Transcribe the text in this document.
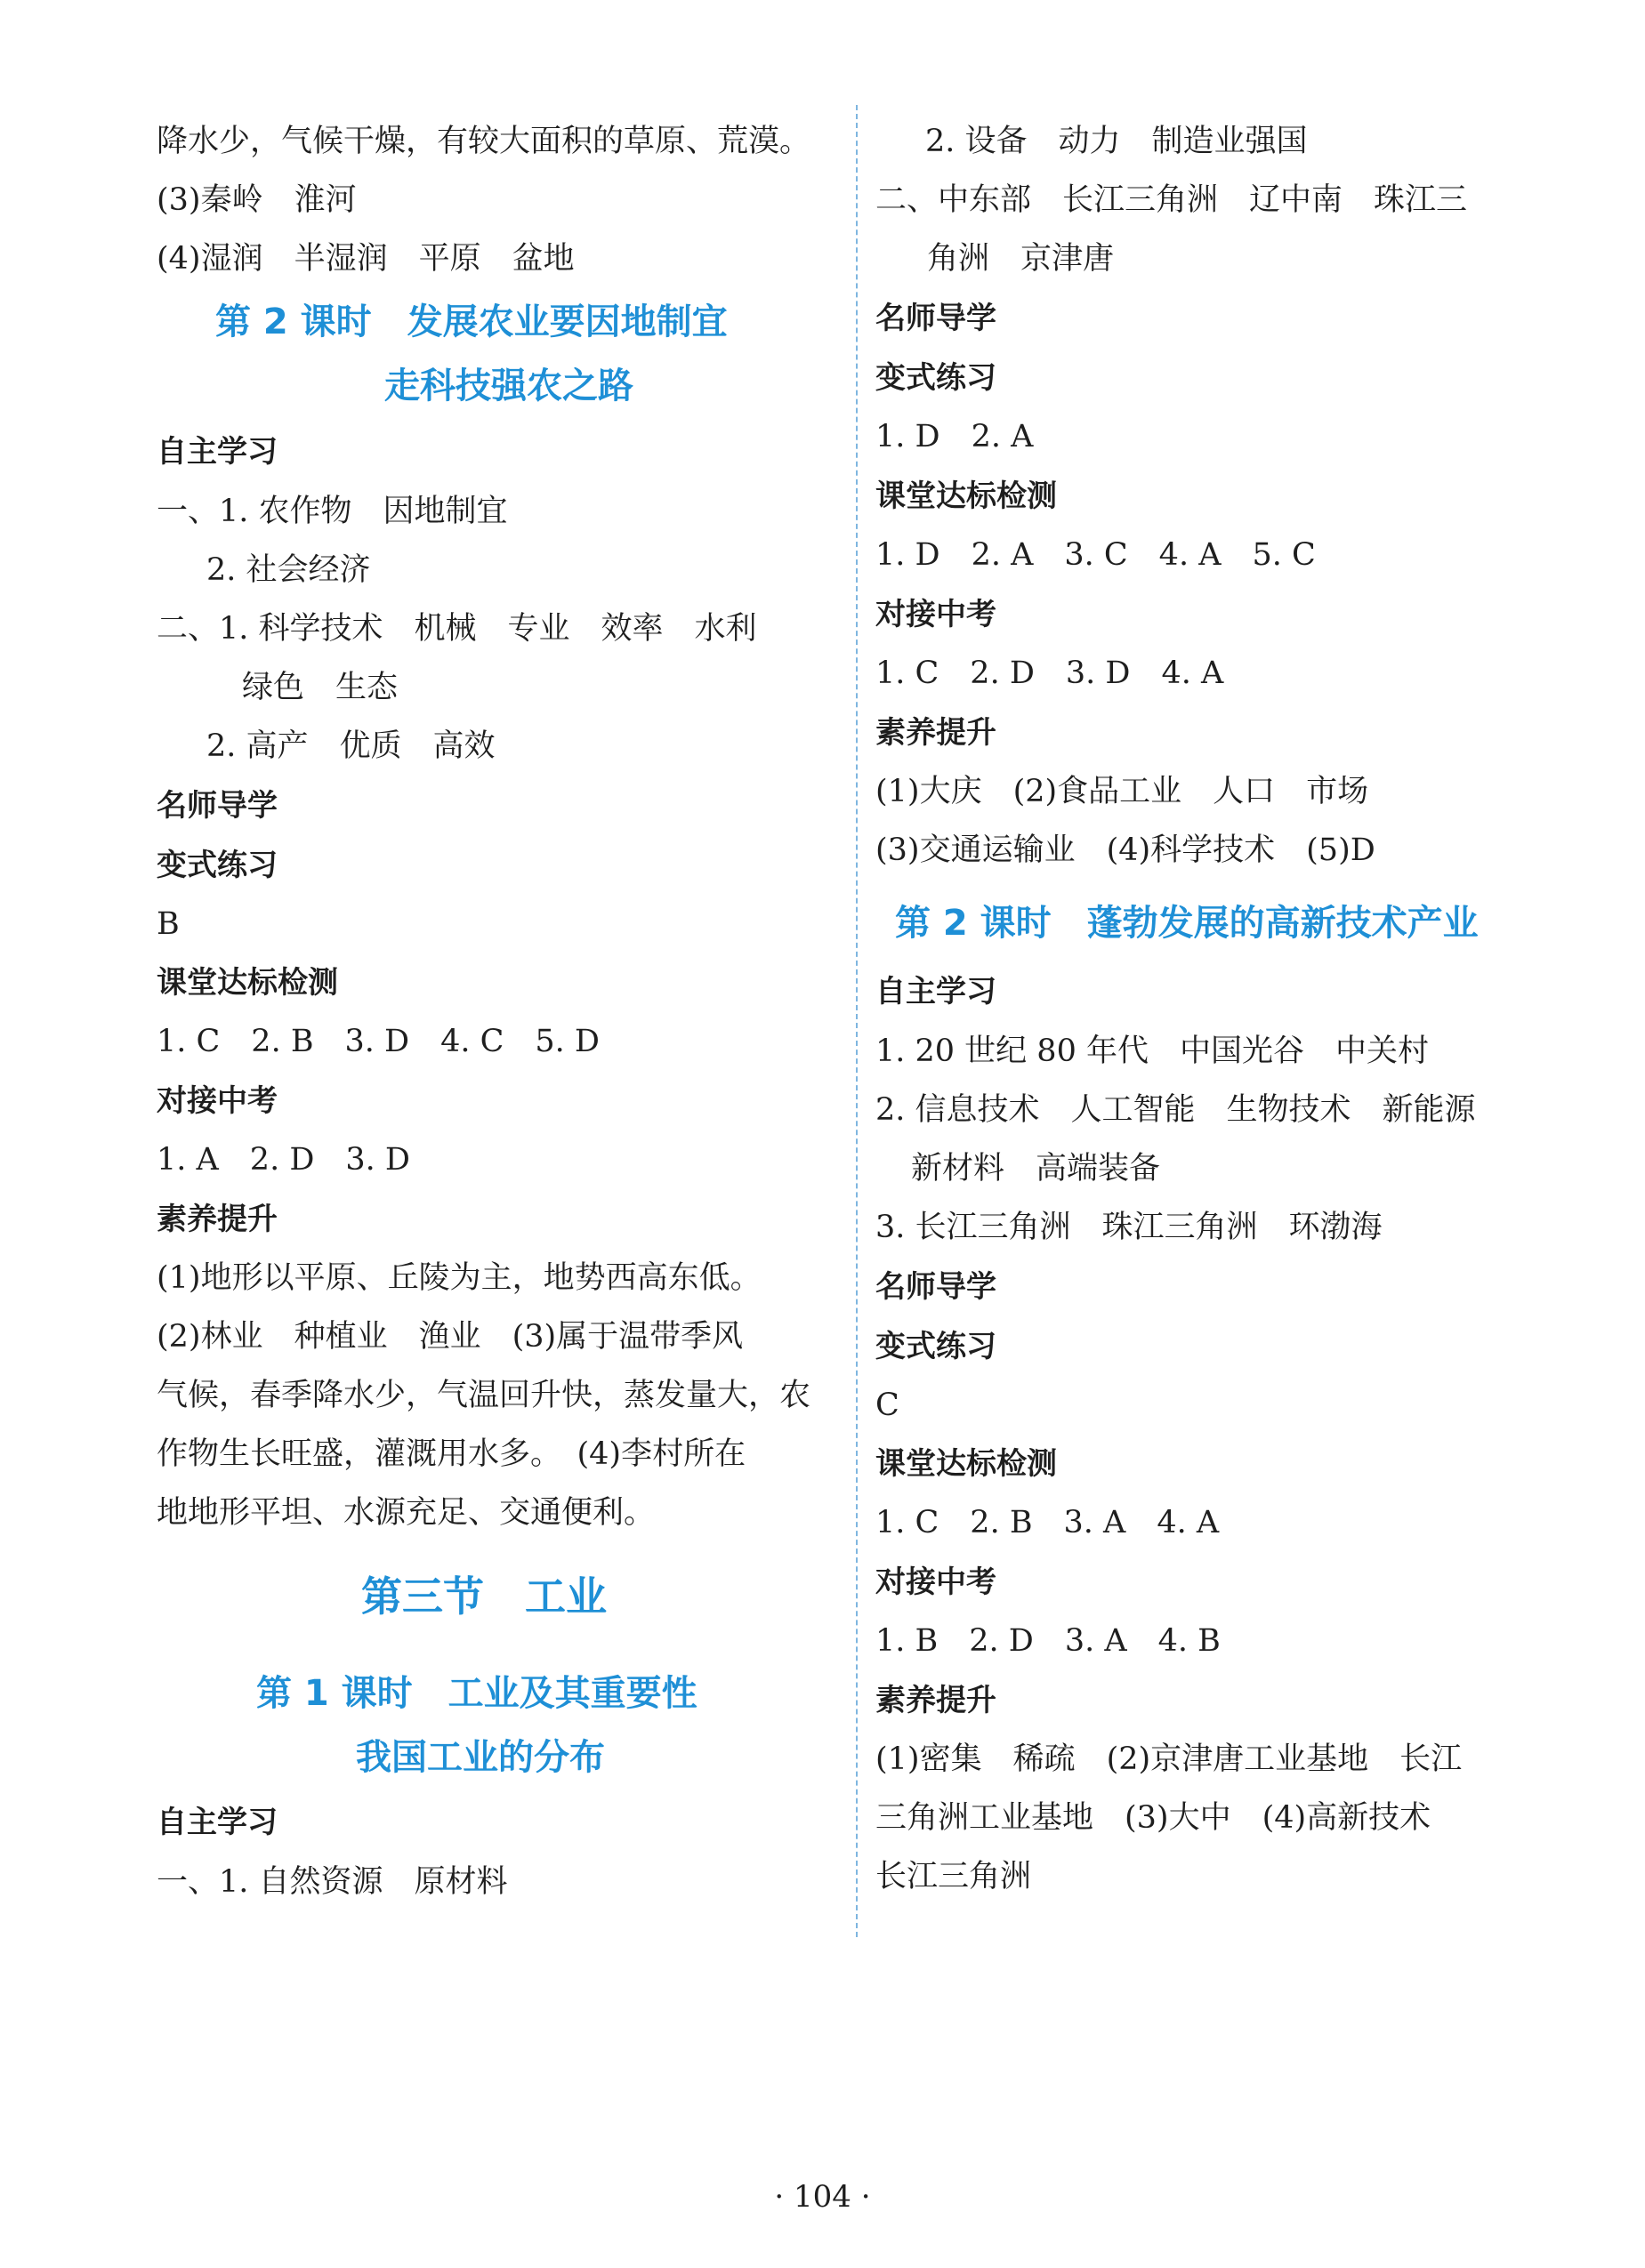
降水少，气候干燥，有较大面积的草原、荒漠。
(3)秦岭　淮河
(4)湿润　半湿润　平原　盆地
第 2 课时　发展农业要因地制宜
走科技强农之路
自主学习
一、1. 农作物　因地制宜
2. 社会经济
二、1. 科学技术　机械　专业　效率　水利
绿色　生态
2. 高产　优质　高效
名师导学
变式练习
B
课堂达标检测
1. C　2. B　3. D　4. C　5. D
对接中考
1. A　2. D　3. D
素养提升
(1)地形以平原、丘陵为主，地势西高东低。
(2)林业　种植业　渔业　(3)属于温带季风
气候，春季降水少，气温回升快，蒸发量大，农
作物生长旺盛，灌溉用水多。　(4)李村所在
地地形平坦、水源充足、交通便利。
第三节　工业
第 1 课时　工业及其重要性
我国工业的分布
自主学习
一、1. 自然资源　原材料
2. 设备　动力　制造业强国
二、中东部　长江三角洲　辽中南　珠江三
角洲　京津唐
名师导学
变式练习
1. D　2. A
课堂达标检测
1. D　2. A　3. C　4. A　5. C
对接中考
1. C　2. D　3. D　4. A
素养提升
(1)大庆　(2)食品工业　人口　市场
(3)交通运输业　(4)科学技术　(5)D
第 2 课时　蓬勃发展的高新技术产业
自主学习
1. 20 世纪 80 年代　中国光谷　中关村
2. 信息技术　人工智能　生物技术　新能源
新材料　高端装备
3. 长江三角洲　珠江三角洲　环渤海
名师导学
变式练习
C
课堂达标检测
1. C　2. B　3. A　4. A
对接中考
1. B　2. D　3. A　4. B
素养提升
(1)密集　稀疏　(2)京津唐工业基地　长江
三角洲工业基地　(3)大中　(4)高新技术
长江三角洲
· 104 ·
